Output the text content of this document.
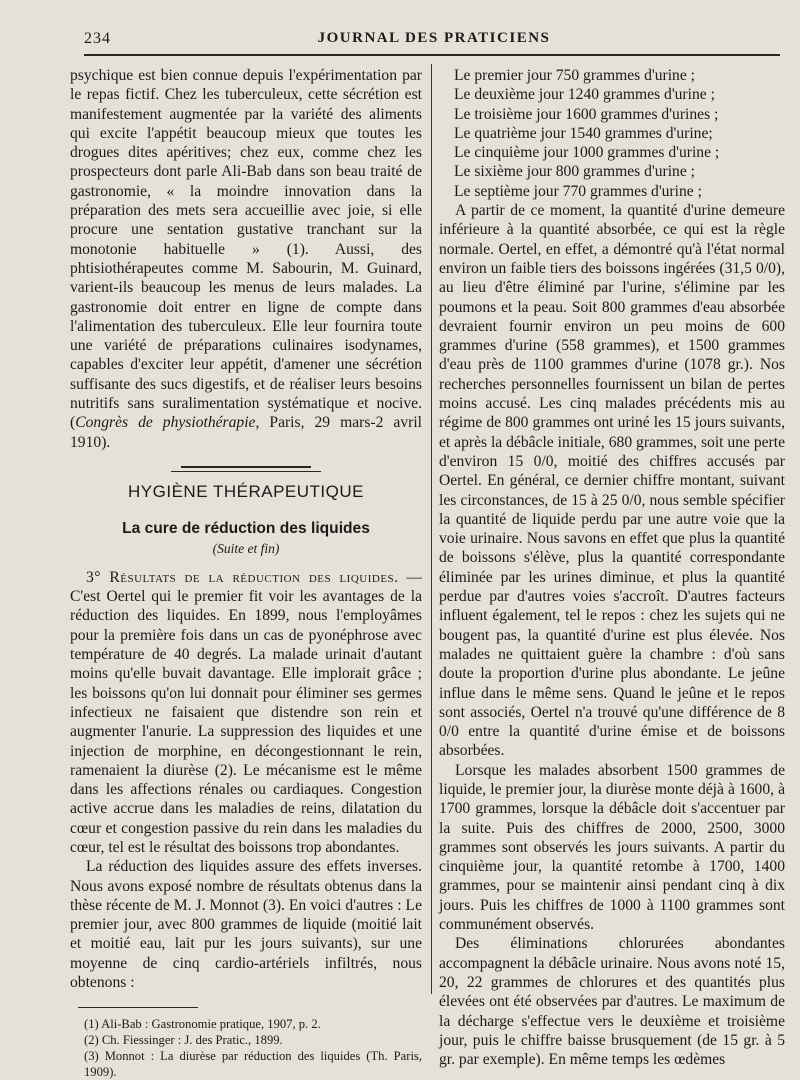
234	JOURNAL DES PRATICIENS

psychique est bien connue depuis l'expérimentation par le repas fictif. Chez les tuberculeux, cette sécrétion est manifestement augmentée par la variété des aliments qui excite l'appétit beaucoup mieux que toutes les drogues dites apéritives; chez eux, comme chez les prospecteurs dont parle Ali-Bab dans son beau traité de gastronomie, « la moindre innovation dans la préparation des mets sera accueillie avec joie, si elle procure une sentation gustative tranchant sur la monotonie habituelle » (1). Aussi, des phtisiothérapeutes comme M. Sabourin, M. Guinard, varient-ils beaucoup les menus de leurs malades. La gastronomie doit entrer en ligne de compte dans l'alimentation des tuberculeux. Elle leur fournira toute une variété de préparations culinaires isodynames, capables d'exciter leur appétit, d'amener une sécrétion suffisante des sucs digestifs, et de réaliser leurs besoins nutritifs sans suralimentation systématique et nocive. (Congrès de physiothérapie, Paris, 29 mars-2 avril 1910).

HYGIÈNE THÉRAPEUTIQUE
La cure de réduction des liquides
(Suite et fin)

3° Résultats de la réduction des liquides. — C'est Oertel qui le premier fit voir les avantages de la réduction des liquides. En 1899, nous l'employâmes pour la première fois dans un cas de pyonéphrose avec température de 40 degrés. La malade urinait d'autant moins qu'elle buvait davantage. Elle implorait grâce ; les boissons qu'on lui donnait pour éliminer ses germes infectieux ne faisaient que distendre son rein et augmenter l'anurie. La suppression des liquides et une injection de morphine, en décongestionnant le rein, ramenaient la diurèse (2). Le mécanisme est le même dans les affections rénales ou cardiaques. Congestion active accrue dans les maladies de reins, dilatation du cœur et congestion passive du rein dans les maladies du cœur, tel est le résultat des boissons trop abondantes.

La réduction des liquides assure des effets inverses. Nous avons exposé nombre de résultats obtenus dans la thèse récente de M. J. Monnot (3). En voici d'autres : Le premier jour, avec 800 grammes de liquide (moitié lait et moitié eau, lait pur les jours suivants), sur une moyenne de cinq cardio-artériels infiltrés, nous obtenons :

(1) Ali-Bab : Gastronomie pratique, 1907, p. 2.
(2) Ch. Fiessinger : J. des Pratic., 1899.
(3) Monnot : La diurèse par réduction des liquides (Th. Paris, 1909).
Le premier jour 750 grammes d'urine ;
Le deuxième jour 1240 grammes d'urine ;
Le troisième jour 1600 grammes d'urines ;
Le quatrième jour 1540 grammes d'urine;
Le cinquième jour 1000 grammes d'urine ;
Le sixième jour 800 grammes d'urine ;
Le septième jour 770 grammes d'urine ;

A partir de ce moment, la quantité d'urine demeure inférieure à la quantité absorbée, ce qui est la règle normale. Oertel, en effet, a démontré qu'à l'état normal environ un faible tiers des boissons ingérées (31,5 0/0), au lieu d'être éliminé par l'urine, s'élimine par les poumons et la peau. Soit 800 grammes d'eau absorbée devraient fournir environ un peu moins de 600 grammes d'urine (558 grammes), et 1500 grammes d'eau près de 1100 grammes d'urine (1078 gr.). Nos recherches personnelles fournissent un bilan de pertes moins accusé. Les cinq malades précédents mis au régime de 800 grammes ont uriné les 15 jours suivants, et après la débâcle initiale, 680 grammes, soit une perte d'environ 15 0/0, moitié des chiffres accusés par Oertel. En général, ce dernier chiffre montant, suivant les circonstances, de 15 à 25 0/0, nous semble spécifier la quantité de liquide perdu par une autre voie que la voie urinaire. Nous savons en effet que plus la quantité de boissons s'élève, plus la quantité correspondante éliminée par les urines diminue, et plus la quantité perdue par d'autres voies s'accroît. D'autres facteurs influent également, tel le repos : chez les sujets qui ne bougent pas, la quantité d'urine est plus élevée. Nos malades ne quittaient guère la chambre : d'où sans doute la proportion d'urine plus abondante. Le jeûne influe dans le même sens. Quand le jeûne et le repos sont associés, Oertel n'a trouvé qu'une différence de 8 0/0 entre la quantité d'urine émise et de boissons absorbées.

Lorsque les malades absorbent 1500 grammes de liquide, le premier jour, la diurèse monte déjà à 1600, à 1700 grammes, lorsque la débâcle doit s'accentuer par la suite. Puis des chiffres de 2000, 2500, 3000 grammes sont observés les jours suivants. A partir du cinquième jour, la quantité retombe à 1700, 1400 grammes, pour se maintenir ainsi pendant cinq à dix jours. Puis les chiffres de 1000 à 1100 grammes sont communément observés.

Des éliminations chlorurées abondantes accompagnent la débâcle urinaire. Nous avons noté 15, 20, 22 grammes de chlorures et des quantités plus élevées ont été observées par d'autres. Le maximum de la décharge s'effectue vers le deuxième et troisième jour, puis le chiffre baisse brusquement (de 15 gr. à 5 gr. par exemple). En même temps les œdèmes
